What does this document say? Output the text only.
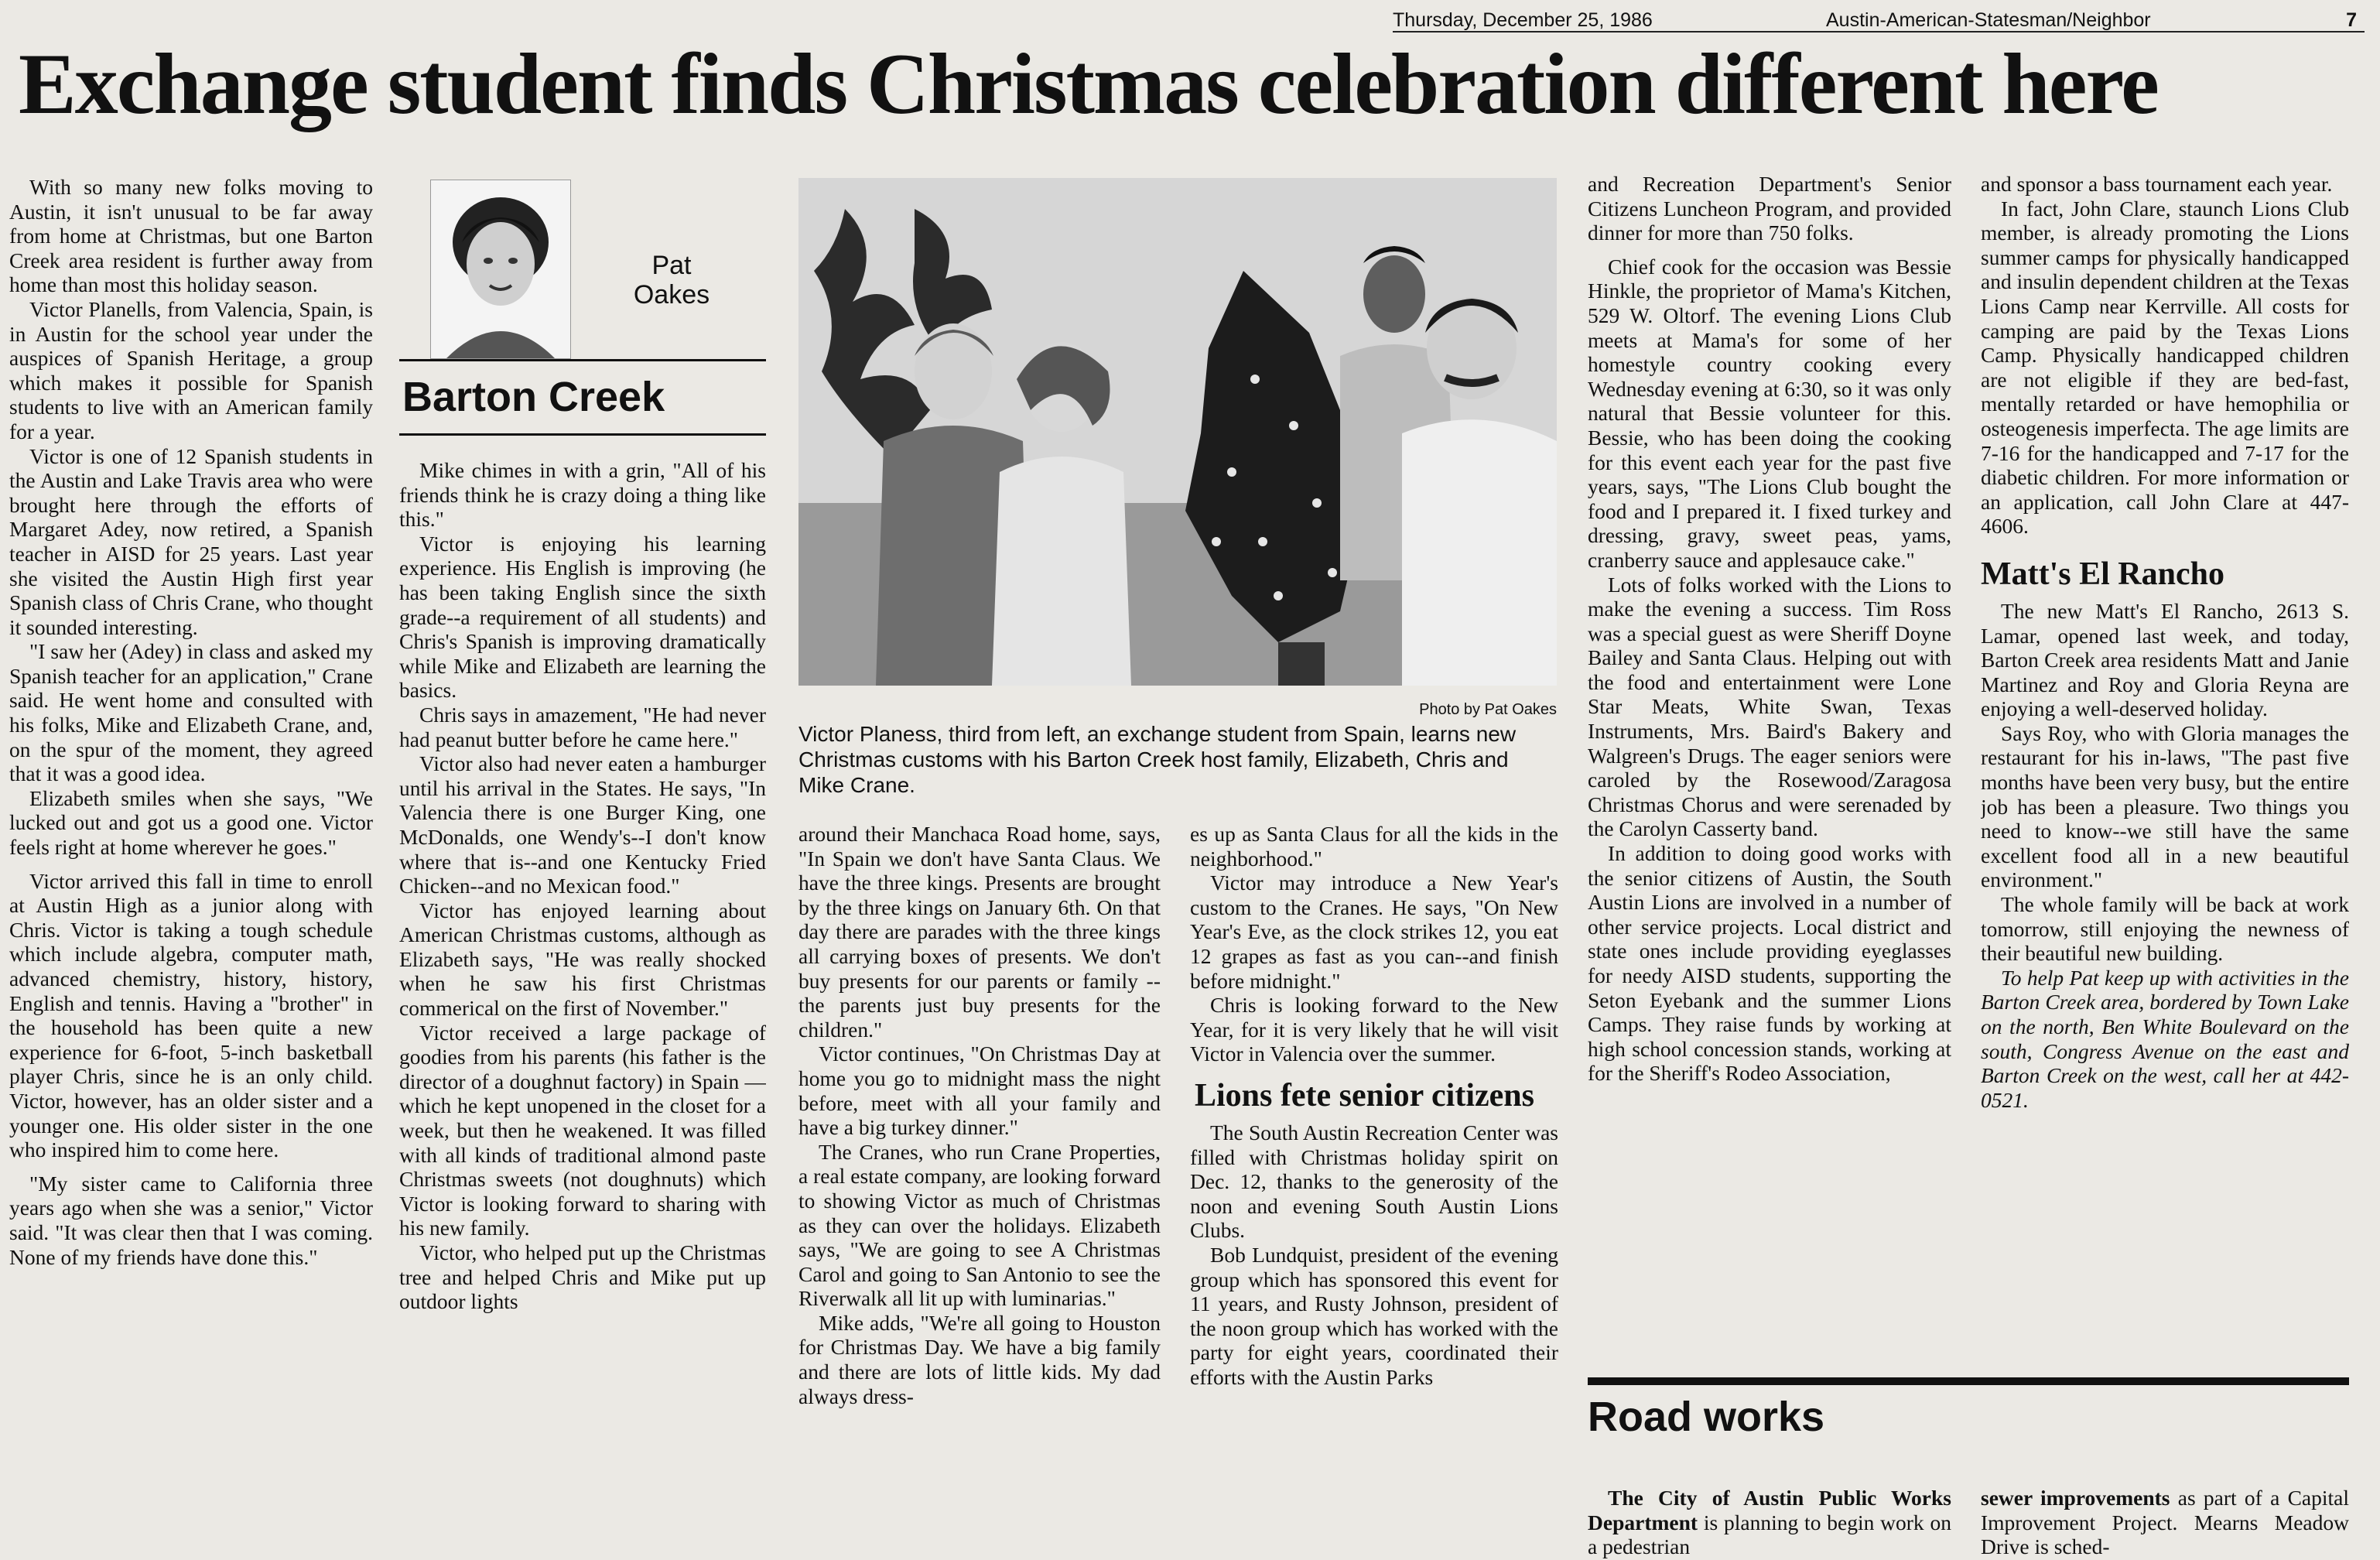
Thursday, December 25, 1986	Austin-American-Statesman/Neighbor	7
Exchange student finds Christmas celebration different here

With so many new folks moving to Austin, it isn't unusual to be far away from home at Christmas, but one Barton Creek area resident is further away from home than most this holiday season.

Victor Planells, from Valencia, Spain, is in Austin for the school year under the auspices of Spanish Heritage, a group which makes it possible for Spanish students to live with an American family for a year.

Victor is one of 12 Spanish students in the Austin and Lake Travis area who were brought here through the efforts of Margaret Adey, now retired, a Spanish teacher in AISD for 25 years. Last year she visited the Austin High first year Spanish class of Chris Crane, who thought it sounded interesting.

"I saw her (Adey) in class and asked my Spanish teacher for an application," Crane said. He went home and consulted with his folks, Mike and Elizabeth Crane, and, on the spur of the moment, they agreed that it was a good idea.

Elizabeth smiles when she says, "We lucked out and got us a good one. Victor feels right at home wherever he goes."

Victor arrived this fall in time to enroll at Austin High as a junior along with Chris. Victor is taking a tough schedule which include algebra, computer math, advanced chemistry, history, history, English and tennis. Having a "brother" in the household has been quite a new experience for 6-foot, 5-inch basketball player Chris, since he is an only child. Victor, however, has an older sister and a younger one. His older sister in the one who inspired him to come here.

"My sister came to California three years ago when she was a senior," Victor said. "It was clear then that I was coming. None of my friends have done this."

Pat Oakes
Barton Creek

Mike chimes in with a grin, "All of his friends think he is crazy doing a thing like this."

Victor is enjoying his learning experience. His English is improving (he has been taking English since the sixth grade--a requirement of all students) and Chris's Spanish is improving dramatically while Mike and Elizabeth are learning the basics.

Chris says in amazement, "He had never had peanut butter before he came here."

Victor also had never eaten a hamburger until his arrival in the States. He says, "In Valencia there is one Burger King, one McDonalds, one Wendy's--I don't know where that is--and one Kentucky Fried Chicken--and no Mexican food."

Victor has enjoyed learning about American Christmas customs, although as Elizabeth says, "He was really shocked when he saw his first Christmas commerical on the first of November."

Victor received a large package of goodies from his parents (his father is the director of a doughnut factory) in Spain — which he kept unopened in the closet for a week, but then he weakened. It was filled with all kinds of traditional almond paste Christmas sweets (not doughnuts) which Victor is looking forward to sharing with his new family.

Victor, who helped put up the Christmas tree and helped Chris and Mike put up outdoor lights

Photo by Pat Oakes
Victor Planess, third from left, an exchange student from Spain, learns new Christmas customs with his Barton Creek host family, Elizabeth, Chris and Mike Crane.

around their Manchaca Road home, says, "In Spain we don't have Santa Claus. We have the three kings. Presents are brought by the three kings on January 6th. On that day there are parades with the three kings all carrying boxes of presents. We don't buy presents for our parents or family --the parents just buy presents for the children."

Victor continues, "On Christmas Day at home you go to midnight mass the night before, meet with all your family and have a big turkey dinner."

The Cranes, who run Crane Properties, a real estate company, are looking forward to showing Victor as much of Christmas as they can over the holidays. Elizabeth says, "We are going to see A Christmas Carol and going to San Antonio to see the Riverwalk all lit up with luminarias."

Mike adds, "We're all going to Houston for Christmas Day. We have a big family and there are lots of little kids. My dad always dress-

es up as Santa Claus for all the kids in the neighborhood."

Victor may introduce a New Year's custom to the Cranes. He says, "On New Year's Eve, as the clock strikes 12, you eat 12 grapes as fast as you can--and finish before midnight."

Chris is looking forward to the New Year, for it is very likely that he will visit Victor in Valencia over the summer.

Lions fete senior citizens

The South Austin Recreation Center was filled with Christmas holiday spirit on Dec. 12, thanks to the generosity of the noon and evening South Austin Lions Clubs.

Bob Lundquist, president of the evening group which has sponsored this event for 11 years, and Rusty Johnson, president of the noon group which has worked with the party for eight years, coordinated their efforts with the Austin Parks

and Recreation Department's Senior Citizens Luncheon Program, and provided dinner for more than 750 folks.

Chief cook for the occasion was Bessie Hinkle, the proprietor of Mama's Kitchen, 529 W. Oltorf. The evening Lions Club meets at Mama's for some of her homestyle country cooking every Wednesday evening at 6:30, so it was only natural that Bessie volunteer for this. Bessie, who has been doing the cooking for this event each year for the past five years, says, "The Lions Club bought the food and I prepared it. I fixed turkey and dressing, gravy, sweet peas, yams, cranberry sauce and applesauce cake."

Lots of folks worked with the Lions to make the evening a success. Tim Ross was a special guest as were Sheriff Doyne Bailey and Santa Claus. Helping out with the food and entertainment were Lone Star Meats, White Swan, Texas Instruments, Mrs. Baird's Bakery and Walgreen's Drugs. The eager seniors were caroled by the Rosewood/Zaragosa Christmas Chorus and were serenaded by the Carolyn Casserty band.

In addition to doing good works with the senior citizens of Austin, the South Austin Lions are involved in a number of other service projects. Local district and state ones include providing eyeglasses for needy AISD students, supporting the Seton Eyebank and the summer Lions Camps. They raise funds by working at high school concession stands, working at for the Sheriff's Rodeo Association,

and sponsor a bass tournament each year.

In fact, John Clare, staunch Lions Club member, is already promoting the Lions summer camps for physically handicapped and insulin dependent children at the Texas Lions Camp near Kerrville. All costs for camping are paid by the Texas Lions Camp. Physically handicapped children are not eligible if they are bed-fast, mentally retarded or have hemophilia or osteogenesis imperfecta. The age limits are 7-16 for the handicapped and 7-17 for the diabetic children. For more information or an application, call John Clare at 447-4606.

Matt's El Rancho

The new Matt's El Rancho, 2613 S. Lamar, opened last week, and today, Barton Creek area residents Matt and Janie Martinez and Roy and Gloria Reyna are enjoying a well-deserved holiday.

Says Roy, who with Gloria manages the restaurant for his in-laws, "The past five months have been very busy, but the entire job has been a pleasure. Two things you need to know--we still have the same excellent food all in a new beautiful environment."

The whole family will be back at work tomorrow, still enjoying the newness of their beautiful new building.

To help Pat keep up with activities in the Barton Creek area, bordered by Town Lake on the north, Ben White Boulevard on the south, Congress Avenue on the east and Barton Creek on the west, call her at 442-0521.

Road works

The City of Austin Public Works Department is planning to begin work on a pedestrian

sewer improvements as part of a Capital Improvement Project. Mearns Meadow Drive is sched-
